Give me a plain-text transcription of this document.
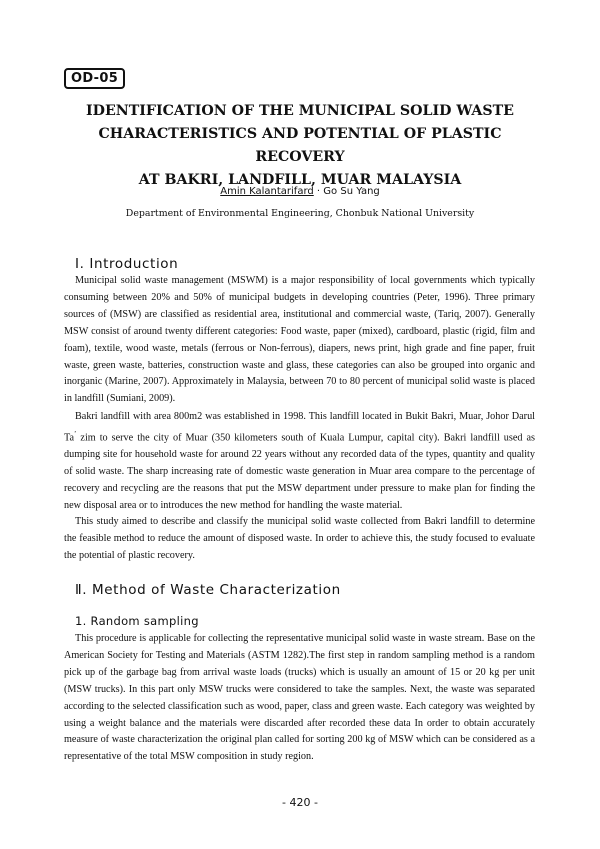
OD-05
IDENTIFICATION OF THE MUNICIPAL SOLID WASTE
CHARACTERISTICS AND POTENTIAL OF PLASTIC RECOVERY
AT BAKRI, LANDFILL, MUAR MALAYSIA
Amin Kalantarifard · Go Su Yang
Department of Environmental Engineering, Chonbuk National University
Ⅰ. Introduction

Municipal solid waste management (MSWM) is a major responsibility of local governments which typically consuming between 20% and 50% of municipal budgets in developing countries (Peter, 1996). Three primary sources of (MSW) are classified as residential area, institutional and commercial waste, (Tariq, 2007). Generally MSW consist of around twenty different categories: Food waste, paper (mixed), cardboard, plastic (rigid, film and foam), textile, wood waste, metals (ferrous or Non-ferrous), diapers, news print, high grade and fine paper, fruit waste, green waste, batteries, construction waste and glass, these categories can also be grouped into organic and inorganic (Marine, 2007). Approximately in Malaysia, between 70 to 80 percent of municipal solid waste is placed in landfill (Sumiani, 2009).

Bakri landfill with area 800m2 was established in 1998. This landfill located in Bukit Bakri, Muar, Johor Darul Ta’ zim to serve the city of Muar (350 kilometers south of Kuala Lumpur, capital city). Bakri landfill used as dumping site for household waste for around 22 years without any recorded data of the types, quantity and quality of solid waste. The sharp increasing rate of domestic waste generation in Muar area compare to the percentage of recovery and recycling are the reasons that put the MSW department under pressure to make plan for finding the new disposal area or to introduces the new method for handling the waste material.

This study aimed to describe and classify the municipal solid waste collected from Bakri landfill to determine the feasible method to reduce the amount of disposed waste. In order to achieve this, the study focused to evaluate the potential of plastic recovery.

Ⅱ. Method of Waste Characterization
1. Random sampling

This procedure is applicable for collecting the representative municipal solid waste in waste stream. Base on the American Society for Testing and Materials (ASTM 1282).The first step in random sampling method is a random pick up of the garbage bag from arrival waste loads (trucks) which is usually an amount of 15 or 20 kg per unit (MSW trucks). In this part only MSW trucks were considered to take the samples. Next, the waste was separated according to the selected classification such as wood, paper, class and green waste. Each category was weighted by using a weight balance and the materials were discarded after recorded these data In order to obtain accurately measure of waste characterization the original plan called for sorting 200 kg of MSW which can be considered as a representative of the total MSW composition in study region.

- 420 -
